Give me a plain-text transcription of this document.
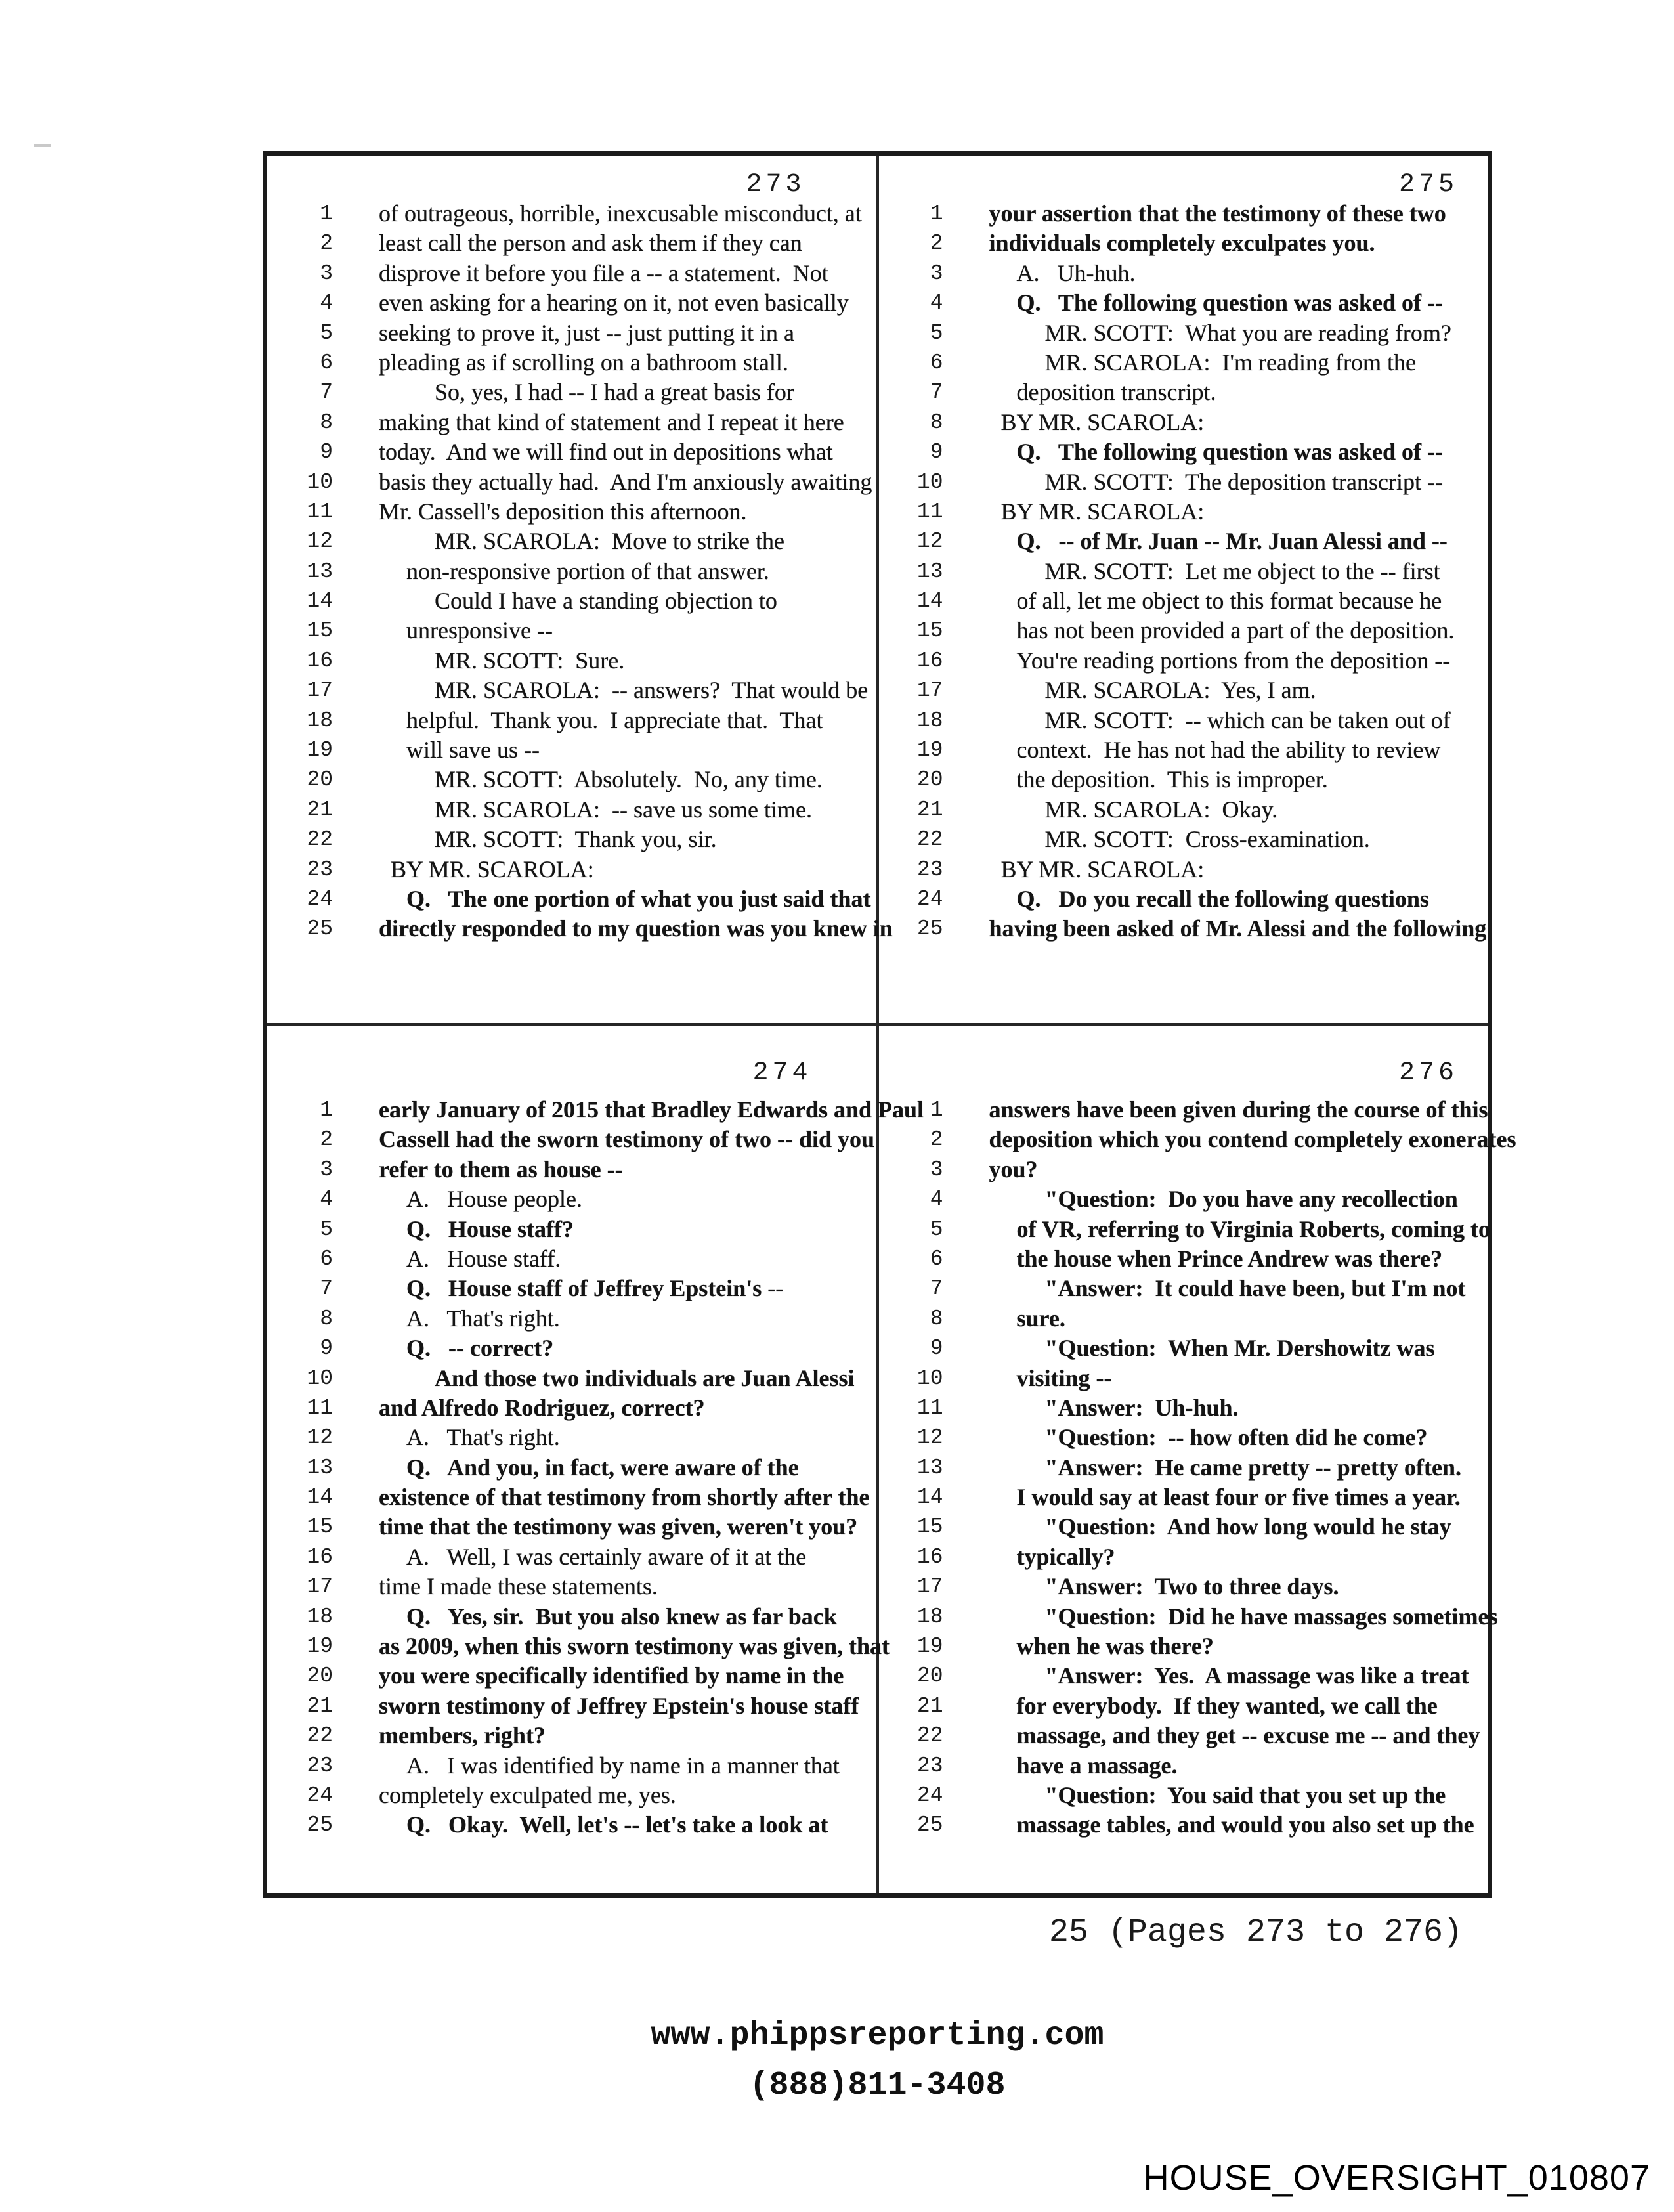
273
1 of outrageous, horrible, inexcusable misconduct, at
2 least call the person and ask them if they can
3 disprove it before you file a -- a statement.  Not
4 even asking for a hearing on it, not even basically
5 seeking to prove it, just -- just putting it in a
6 pleading as if scrolling on a bathroom stall.
7	So, yes, I had -- I had a great basis for
8 making that kind of statement and I repeat it here
9 today.  And we will find out in depositions what
10 basis they actually had.  And I'm anxiously awaiting
11 Mr. Cassell's deposition this afternoon.
12	MR. SCAROLA:  Move to strike the
13	non-responsive portion of that answer.
14	Could I have a standing objection to
15	unresponsive --
16	MR. SCOTT:  Sure.
17	MR. SCAROLA:  -- answers?  That would be
18	helpful.  Thank you.  I appreciate that.  That
19	will save us --
20	MR. SCOTT:  Absolutely.  No, any time.
21	MR. SCAROLA:  -- save us some time.
22	MR. SCOTT:  Thank you, sir.
23	BY MR. SCAROLA:
24	Q.   The one portion of what you just said that
25 directly responded to my question was you knew in
275
1 your assertion that the testimony of these two
2 individuals completely exculpates you.
3	A.   Uh-huh.
4	Q.   The following question was asked of --
5	MR. SCOTT:  What you are reading from?
6	MR. SCAROLA:  I'm reading from the
7	deposition transcript.
8	BY MR. SCAROLA:
9	Q.   The following question was asked of --
10	MR. SCOTT:  The deposition transcript --
11	BY MR. SCAROLA:
12	Q.   -- of Mr. Juan -- Mr. Juan Alessi and --
13	MR. SCOTT:  Let me object to the -- first
14	of all, let me object to this format because he
15	has not been provided a part of the deposition.
16	You're reading portions from the deposition --
17	MR. SCAROLA:  Yes, I am.
18	MR. SCOTT:  -- which can be taken out of
19	context.  He has not had the ability to review
20	the deposition.  This is improper.
21	MR. SCAROLA:  Okay.
22	MR. SCOTT:  Cross-examination.
23	BY MR. SCAROLA:
24	Q.   Do you recall the following questions
25 having been asked of Mr. Alessi and the following
274
1 early January of 2015 that Bradley Edwards and Paul
2 Cassell had the sworn testimony of two -- did you
3 refer to them as house --
4	A.   House people.
5	Q.   House staff?
6	A.   House staff.
7	Q.   House staff of Jeffrey Epstein's --
8	A.   That's right.
9	Q.   -- correct?
10	And those two individuals are Juan Alessi
11 and Alfredo Rodriguez, correct?
12	A.   That's right.
13	Q.   And you, in fact, were aware of the
14 existence of that testimony from shortly after the
15 time that the testimony was given, weren't you?
16	A.   Well, I was certainly aware of it at the
17 time I made these statements.
18	Q.   Yes, sir.  But you also knew as far back
19 as 2009, when this sworn testimony was given, that
20 you were specifically identified by name in the
21 sworn testimony of Jeffrey Epstein's house staff
22 members, right?
23	A.   I was identified by name in a manner that
24 completely exculpated me, yes.
25	Q.   Okay.  Well, let's -- let's take a look at
276
1 answers have been given during the course of this
2 deposition which you contend completely exonerates
3 you?
4	"Question:  Do you have any recollection
5	of VR, referring to Virginia Roberts, coming to
6	the house when Prince Andrew was there?
7	"Answer:  It could have been, but I'm not
8	sure.
9	"Question:  When Mr. Dershowitz was
10	visiting --
11	"Answer:  Uh-huh.
12	"Question:  -- how often did he come?
13	"Answer:  He came pretty -- pretty often.
14	I would say at least four or five times a year.
15	"Question:  And how long would he stay
16	typically?
17	"Answer:  Two to three days.
18	"Question:  Did he have massages sometimes
19	when he was there?
20	"Answer:  Yes.  A massage was like a treat
21	for everybody.  If they wanted, we call the
22	massage, and they get -- excuse me -- and they
23	have a massage.
24	"Question:  You said that you set up the
25	massage tables, and would you also set up the
25 (Pages 273 to 276)
www.phippsreporting.com
(888)811-3408
HOUSE_OVERSIGHT_010807
